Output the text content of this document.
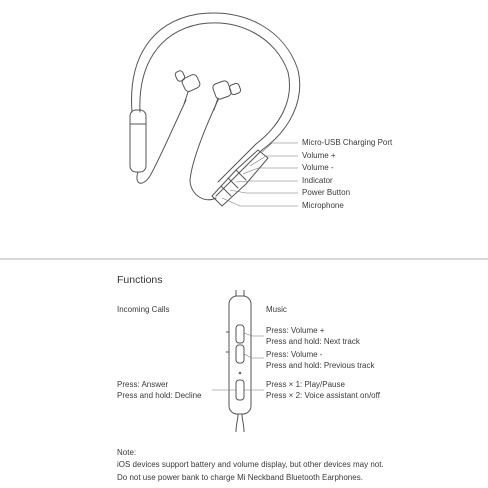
Micro-USB Charging Port
Volume +
Volume -
Indicator
Power Button
Microphone
Functions
Incoming Calls	Music
Press: Answer
Press and hold: Decline
Press: Volume +
Press and hold: Next track
Press: Volume -
Press and hold: Previous track
Press × 1: Play/Pause
Press × 2: Voice assistant on/off
Note:
iOS devices support battery and volume display, but other devices may not.
Do not use power bank to charge Mi Neckband Bluetooth Earphones.
